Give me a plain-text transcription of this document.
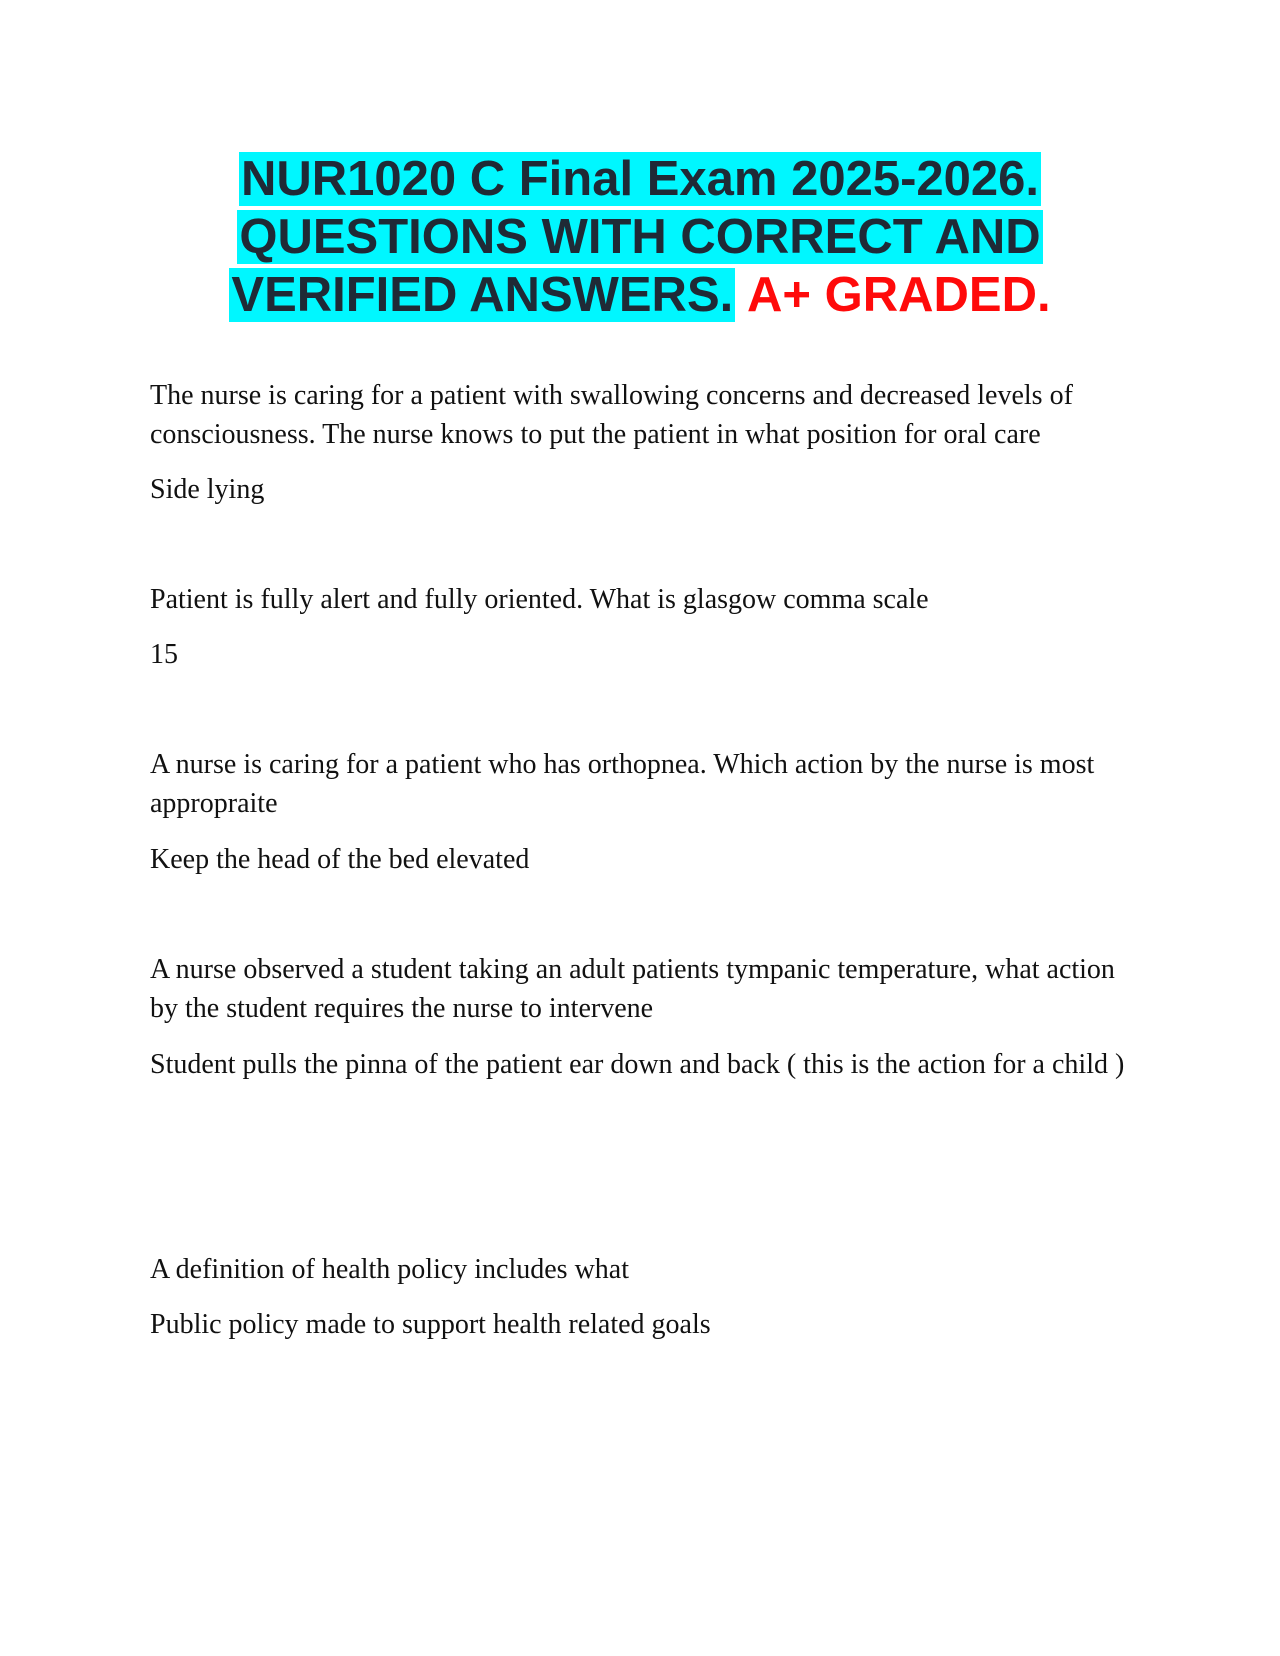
NUR1020 C Final Exam 2025-2026.
QUESTIONS WITH CORRECT AND
VERIFIED ANSWERS. A+ GRADED.

The nurse is caring for a patient with swallowing concerns and decreased levels of consciousness. The nurse knows to put the patient in what position for oral care

Side lying

Patient is fully alert and fully oriented. What is glasgow comma scale

15

A nurse is caring for a patient who has orthopnea. Which action by the nurse is most appropraite

Keep the head of the bed elevated

A nurse observed a student taking an adult patients tympanic temperature, what action by the student requires the nurse to intervene

Student pulls the pinna of the patient ear down and back ( this is the action for a child )

A definition of health policy includes what

Public policy made to support health related goals
